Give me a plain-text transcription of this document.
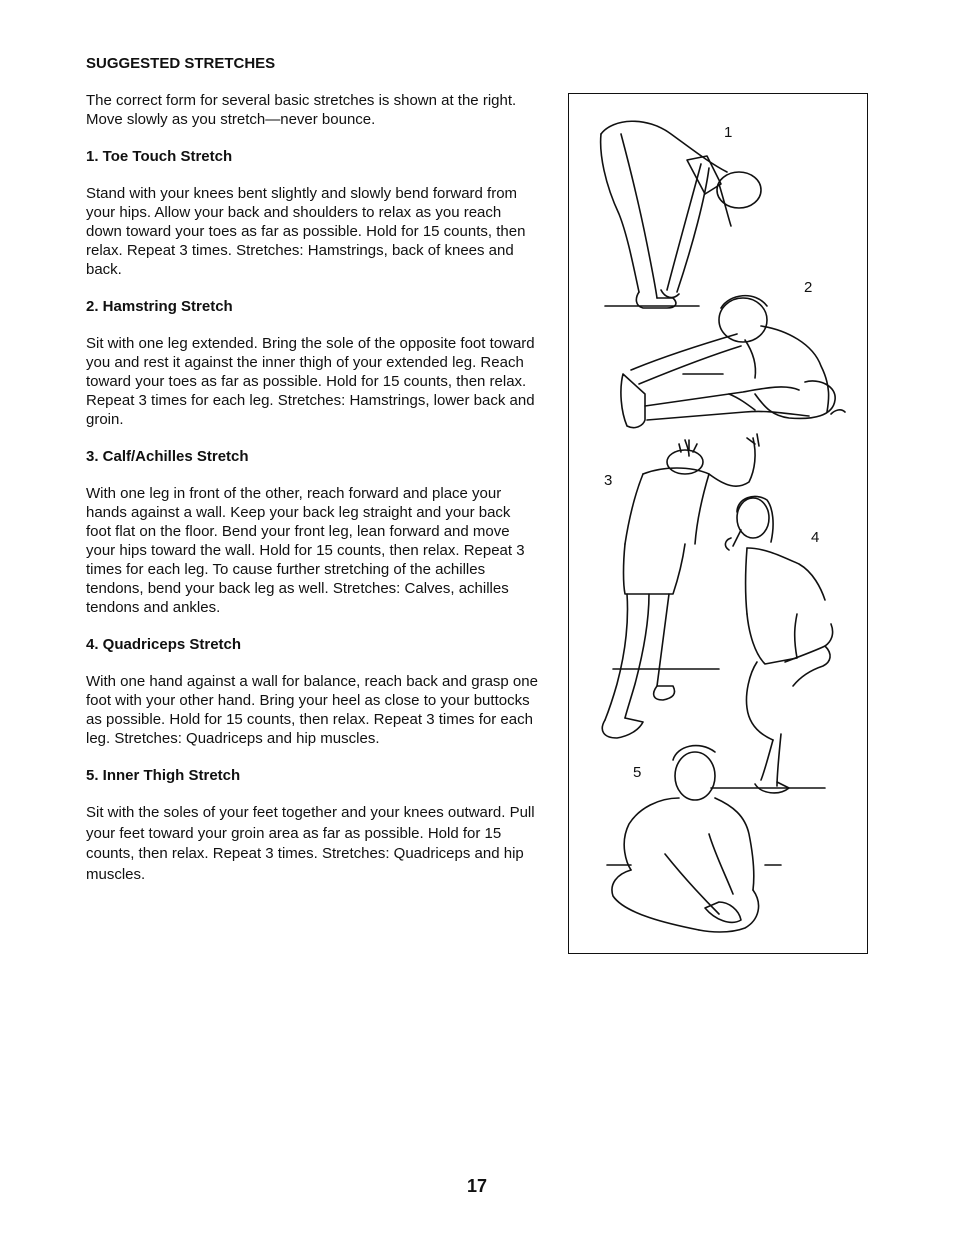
SUGGESTED STRETCHES
The correct form for several basic stretches is shown at the right. Move slowly as you stretch—never bounce.
1. Toe Touch Stretch
Stand with your knees bent slightly and slowly bend forward from your hips. Allow your back and shoulders to relax as you reach down toward your toes as far as possible. Hold for 15 counts, then relax. Repeat 3 times. Stretches: Hamstrings, back of knees and back.
2. Hamstring Stretch
Sit with one leg extended. Bring the sole of the opposite foot toward you and rest it against the inner thigh of your extended leg. Reach toward your toes as far as possible. Hold for 15 counts, then relax. Repeat 3 times for each leg. Stretches: Hamstrings, lower back and groin.
3. Calf/Achilles Stretch
With one leg in front of the other, reach forward and place your hands against a wall. Keep your back leg straight and your back foot flat on the floor. Bend your front leg, lean forward and move your hips toward the wall. Hold for 15 counts, then relax. Repeat 3 times for each leg. To cause further stretching of the achilles tendons, bend your back leg as well. Stretches: Calves, achilles tendons and ankles.
4. Quadriceps Stretch
With one hand against a wall for balance, reach back and grasp one foot with your other hand. Bring your heel as close to your buttocks as possible. Hold for 15 counts, then relax. Repeat 3 times for each leg. Stretches: Quadriceps and hip muscles.
5. Inner Thigh Stretch
Sit with the soles of your feet together and your knees outward. Pull your feet toward your groin area as far as possible. Hold for 15 counts, then relax. Repeat 3 times. Stretches: Quadriceps and hip muscles.
1
2
3
4
5
17
